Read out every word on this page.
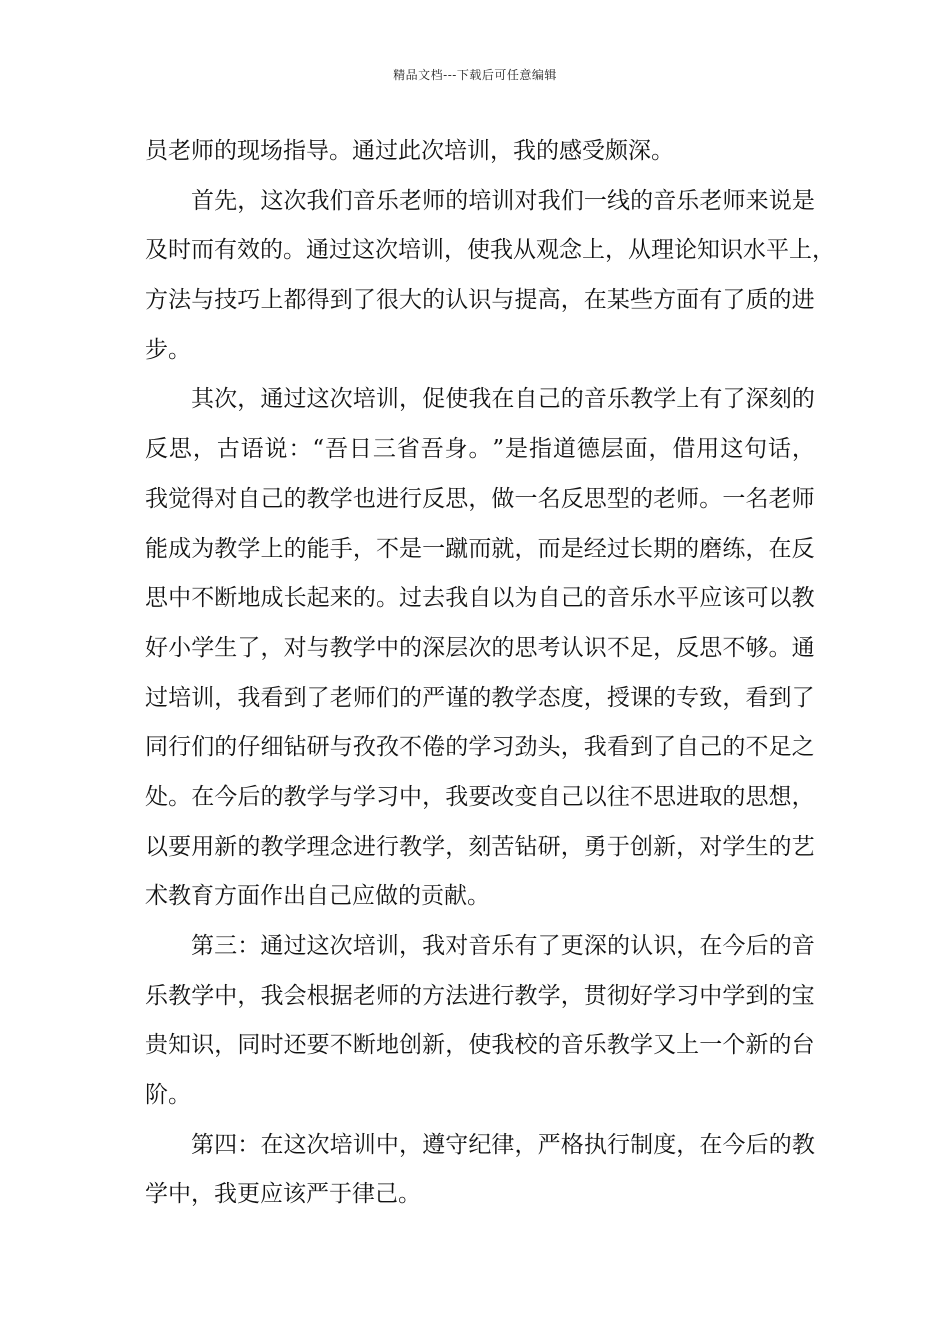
精品文档---下载后可任意编辑
员 老 师 的 现 场 指 导 。 通 过 此 次 培 训 ， 我 的 感 受 颇 深 。
首 先 ， 这 次 我 们 音 乐 老 师 的 培 训 对 我 们 一 线 的 音 乐 老 师 来 说 是
及 时 而 有 效 的 。 通 过 这 次 培 训 ， 使 我 从 观 念 上 ， 从 理 论 知 识 水 平 上 ，
方 法 与 技 巧 上 都 得 到 了 很 大 的 认 识 与 提 高 ， 在 某 些 方 面 有 了 质 的 进
步 。
其 次 ， 通 过 这 次 培 训 ， 促 使 我 在 自 己 的 音 乐 教 学 上 有 了 深 刻 的
反 思 ， 古 语 说 ： “ 吾 日 三 省 吾 身 。 ” 是 指 道 德 层 面 ， 借 用 这 句 话 ，
我 觉 得 对 自 己 的 教 学 也 进 行 反 思 ， 做 一 名 反 思 型 的 老 师 。 一 名 老 师
能 成 为 教 学 上 的 能 手 ， 不 是 一 蹴 而 就 ， 而 是 经 过 长 期 的 磨 练 ， 在 反
思 中 不 断 地 成 长 起 来 的 。 过 去 我 自 以 为 自 己 的 音 乐 水 平 应 该 可 以 教
好 小 学 生 了 ， 对 与 教 学 中 的 深 层 次 的 思 考 认 识 不 足 ， 反 思 不 够 。 通
过 培 训 ， 我 看 到 了 老 师 们 的 严 谨 的 教 学 态 度 ， 授 课 的 专 致 ， 看 到 了
同 行 们 的 仔 细 钻 研 与 孜 孜 不 倦 的 学 习 劲 头 ， 我 看 到 了 自 己 的 不 足 之
处 。 在 今 后 的 教 学 与 学 习 中 ， 我 要 改 变 自 己 以 往 不 思 进 取 的 思 想 ，
以 要 用 新 的 教 学 理 念 进 行 教 学 ， 刻 苦 钻 研 ， 勇 于 创 新 ， 对 学 生 的 艺
术 教 育 方 面 作 出 自 己 应 做 的 贡 献 。
第 三 ： 通 过 这 次 培 训 ， 我 对 音 乐 有 了 更 深 的 认 识 ， 在 今 后 的 音
乐 教 学 中 ， 我 会 根 据 老 师 的 方 法 进 行 教 学 ， 贯 彻 好 学 习 中 学 到 的 宝
贵 知 识 ， 同 时 还 要 不 断 地 创 新 ， 使 我 校 的 音 乐 教 学 又 上 一 个 新 的 台
阶 。
第 四 ： 在 这 次 培 训 中 ， 遵 守 纪 律 ， 严 格 执 行 制 度 ， 在 今 后 的 教
学 中 ， 我 更 应 该 严 于 律 己 。
